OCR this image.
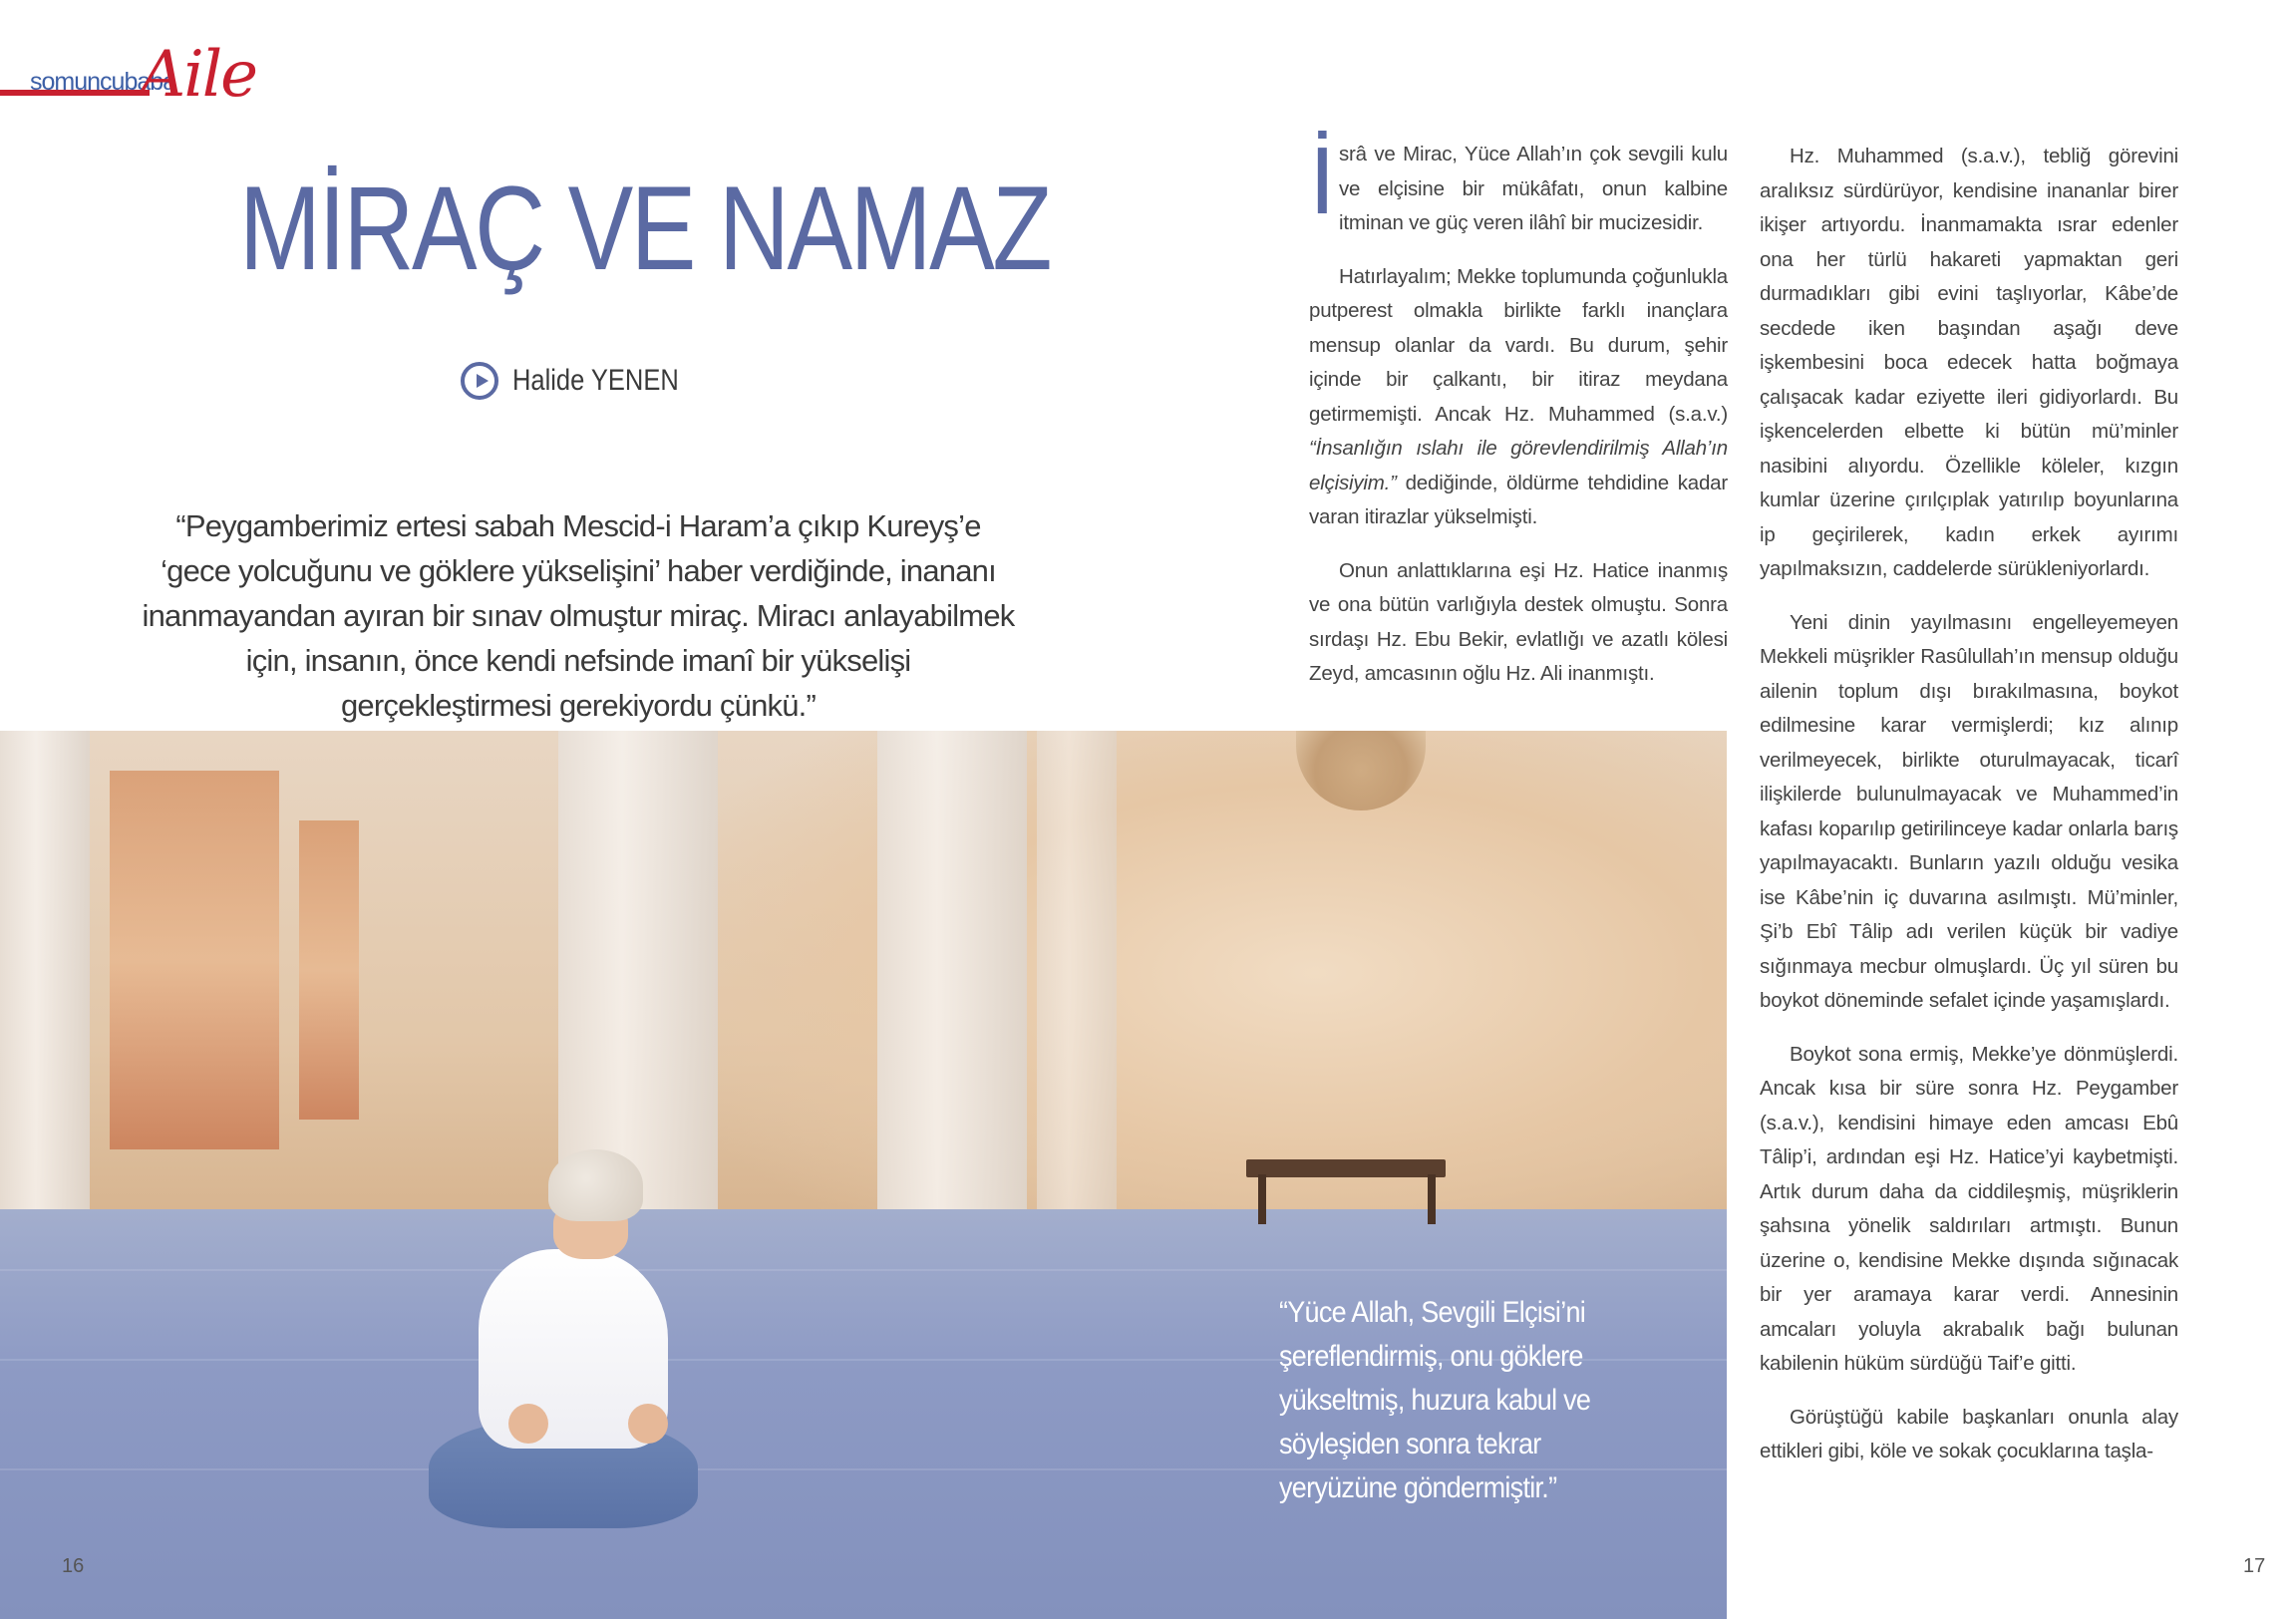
somuncubaba
Aile
MİRAÇ VE NAMAZ
Halide YENEN

“Peygamberimiz ertesi sabah Mescid-i Haram’a çıkıp Kureyş’e ‘gece yolcuğunu ve göklere yükselişini’ haber verdiğinde, inananı inanmayandan ayıran bir sınav olmuştur miraç. Miracı anlayabilmek için, insanın, önce kendi nefsinde imanî bir yükselişi gerçekleştirmesi gerekiyordu çünkü.”

“Yüce Allah, Sevgili Elçisi’ni şereflendirmiş, onu göklere yükseltmiş, huzura kabul ve söyleşiden sonra tekrar yeryüzüne göndermiştir.”

İ srâ ve Mirac, Yüce Allah’ın çok sevgili kulu ve elçisine bir mükâfatı, onun kalbine itminan ve güç veren ilâhî bir mucizesidir.

Hatırlayalım; Mekke toplumunda çoğunlukla putperest olmakla birlikte farklı inançlara mensup olanlar da vardı. Bu durum, şehir içinde bir çalkantı, bir itiraz meydana getirmemişti. Ancak Hz. Muhammed (s.a.v.) “İnsanlığın ıslahı ile görevlendirilmiş Allah’ın elçisiyim.” dediğinde, öldürme tehdidine kadar varan itirazlar yükselmişti.

Onun anlattıklarına eşi Hz. Hatice inanmış ve ona bütün varlığıyla destek olmuştu. Sonra sırdaşı Hz. Ebu Bekir, evlatlığı ve azatlı kölesi Zeyd, amcasının oğlu Hz. Ali inanmıştı.

Hz. Muhammed (s.a.v.), tebliğ görevini aralıksız sürdürüyor, kendisine inananlar birer ikişer artıyordu. İnanmamakta ısrar edenler ona her türlü hakareti yapmaktan geri durmadıkları gibi evini taşlıyorlar, Kâbe’de secdede iken başından aşağı deve işkembesini boca edecek hatta boğmaya çalışacak kadar eziyette ileri gidiyorlardı. Bu işkencelerden elbette ki bütün mü’minler nasibini alıyordu. Özellikle köleler, kızgın kumlar üzerine çırılçıplak yatırılıp boyunlarına ip geçirilerek, kadın erkek ayırımı yapılmaksızın, caddelerde sürükleniyorlardı.

Yeni dinin yayılmasını engelleyemeyen Mekkeli müşrikler Rasûlullah’ın mensup olduğu ailenin toplum dışı bırakılmasına, boykot edilmesine karar vermişlerdi; kız alınıp verilmeyecek, birlikte oturulmayacak, ticarî ilişkilerde bulunulmayacak ve Muhammed’in kafası koparılıp getirilinceye kadar onlarla barış yapılmayacaktı. Bunların yazılı olduğu vesika ise Kâbe’nin iç duvarına asılmıştı. Mü’minler, Şi’b Ebî Tâlip adı verilen küçük bir vadiye sığınmaya mecbur olmuşlardı. Üç yıl süren bu boykot döneminde sefalet içinde yaşamışlardı.

Boykot sona ermiş, Mekke’ye dönmüşlerdi. Ancak kısa bir süre sonra Hz. Peygamber (s.a.v.), kendisini himaye eden amcası Ebû Tâlip’i, ardından eşi Hz. Hatice’yi kaybetmişti. Artık durum daha da ciddileşmiş, müşriklerin şahsına yönelik saldırıları artmıştı. Bunun üzerine o, kendisine Mekke dışında sığınacak bir yer aramaya karar verdi. Annesinin amcaları yoluyla akrabalık bağı bulunan kabilenin hüküm sürdüğü Taif’e gitti.

Görüştüğü kabile başkanları onunla alay ettikleri gibi, köle ve sokak çocuklarına taşla-

16	17
